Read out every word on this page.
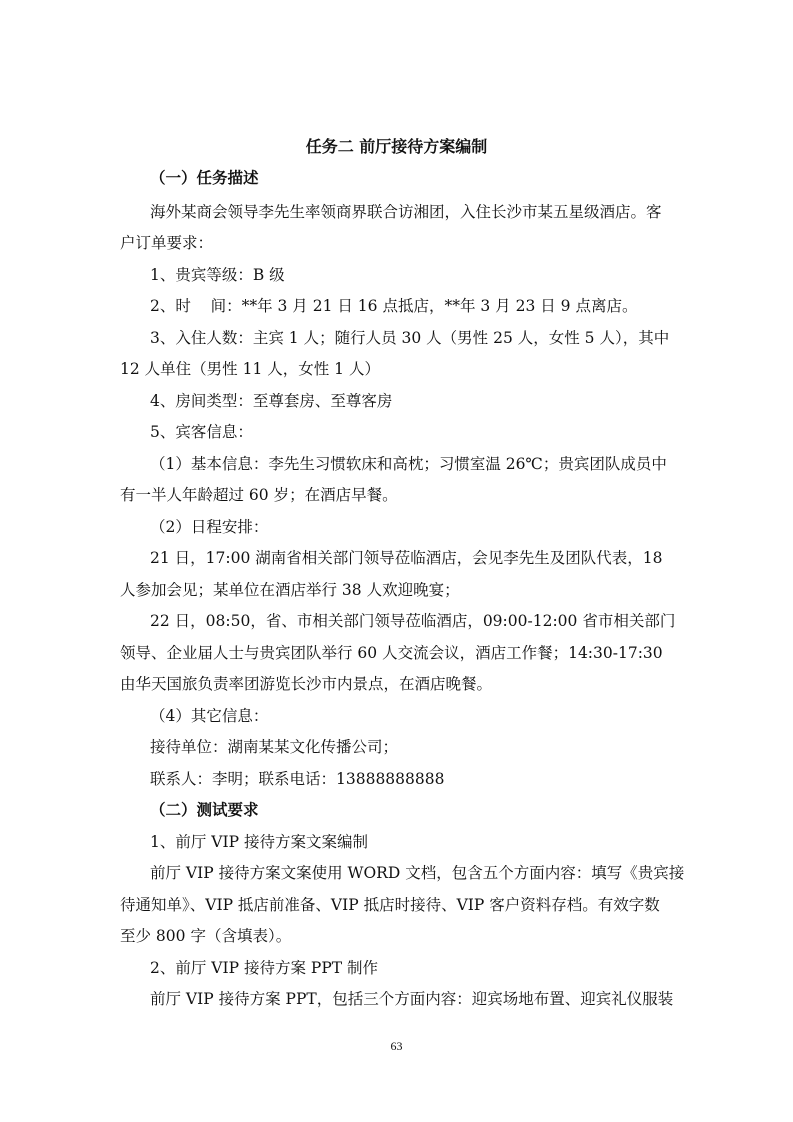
任务二 前厅接待方案编制
（一）任务描述
海外某商会领导李先生率领商界联合访湘团，入住长沙市某五星级酒店。客
户订单要求：
1、贵宾等级：B 级
2、时    间：**年 3 月 21 日 16 点抵店，**年 3 月 23 日 9 点离店。
3、入住人数：主宾 1 人；随行人员 30 人（男性 25 人，女性 5 人），其中
12 人单住（男性 11 人，女性 1 人）
4、房间类型：至尊套房、至尊客房
5、宾客信息：
（1）基本信息：李先生习惯软床和高枕；习惯室温 26℃；贵宾团队成员中
有一半人年龄超过 60 岁；在酒店早餐。
（2）日程安排：
21 日，17:00 湖南省相关部门领导莅临酒店，会见李先生及团队代表，18
人参加会见；某单位在酒店举行 38 人欢迎晚宴；
22 日，08:50，省、市相关部门领导莅临酒店，09:00-12:00 省市相关部门
领导、企业届人士与贵宾团队举行 60 人交流会议，酒店工作餐；14:30-17:30
由华天国旅负责率团游览长沙市内景点，在酒店晚餐。
（4）其它信息：
接待单位：湖南某某文化传播公司；
联系人：李明；联系电话：13888888888
（二）测试要求
1、前厅 VIP 接待方案文案编制
前厅 VIP 接待方案文案使用 WORD 文档，包含五个方面内容：填写《贵宾接
待通知单》、VIP 抵店前准备、VIP 抵店时接待、VIP 客户资料存档。有效字数
至少 800 字（含填表）。
2、前厅 VIP 接待方案 PPT 制作
前厅 VIP 接待方案 PPT，包括三个方面内容：迎宾场地布置、迎宾礼仪服装
63
